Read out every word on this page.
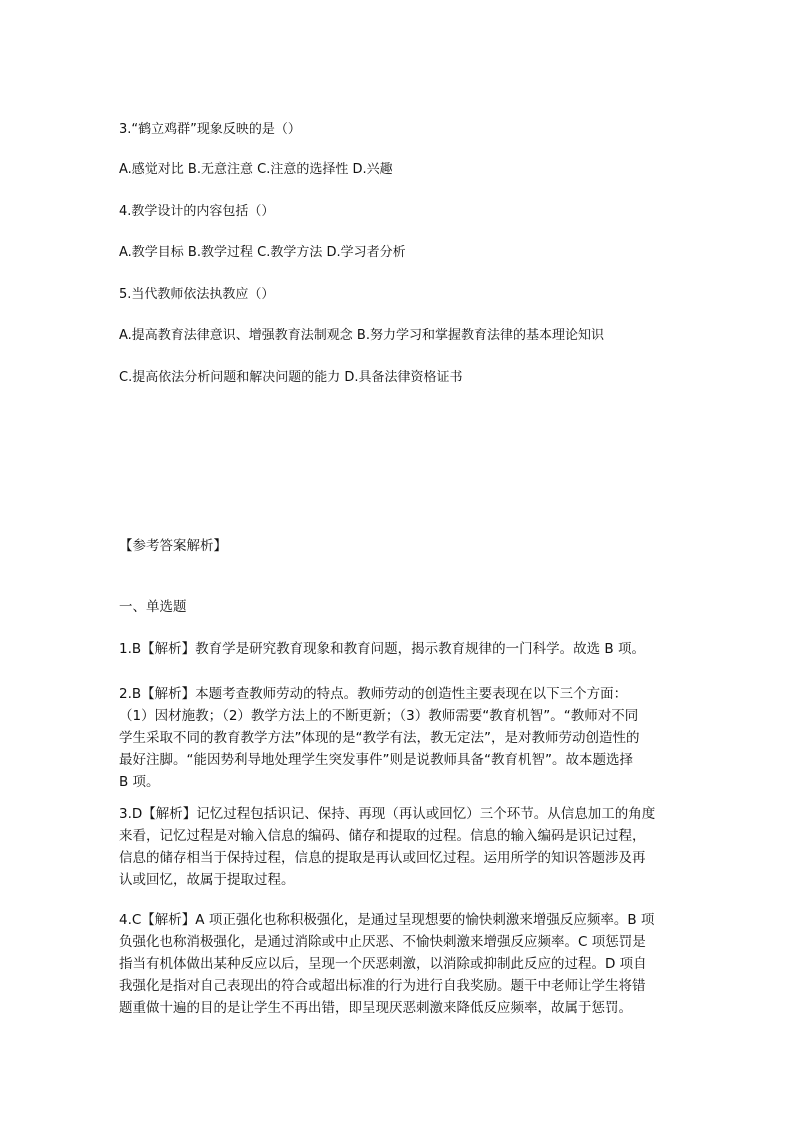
3.“鹤立鸡群”现象反映的是（）
A.感觉对比 B.无意注意 C.注意的选择性 D.兴趣
4.教学设计的内容包括（）
A.教学目标 B.教学过程 C.教学方法 D.学习者分析
5.当代教师依法执教应（）
A.提高教育法律意识、增强教育法制观念 B.努力学习和掌握教育法律的基本理论知识
C.提高依法分析问题和解决问题的能力 D.具备法律资格证书
【参考答案解析】
一、单选题

1.B【解析】教育学是研究教育现象和教育问题，揭示教育规律的一门科学。故选 B 项。

2.B【解析】本题考查教师劳动的特点。教师劳动的创造性主要表现在以下三个方面：

（1）因材施教；（2）教学方法上的不断更新；（3）教师需要“教育机智”。“教师对不同

学生采取不同的教育教学方法”体现的是“教学有法，教无定法”，是对教师劳动创造性的

最好注脚。“能因势利导地处理学生突发事件”则是说教师具备“教育机智”。故本题选择

B 项。

3.D【解析】记忆过程包括识记、保持、再现（再认或回忆）三个环节。从信息加工的角度

来看，记忆过程是对输入信息的编码、储存和提取的过程。信息的输入编码是识记过程，

信息的储存相当于保持过程，信息的提取是再认或回忆过程。运用所学的知识答题涉及再

认或回忆，故属于提取过程。

4.C【解析】A 项正强化也称积极强化，是通过呈现想要的愉快刺激来增强反应频率。B 项

负强化也称消极强化，是通过消除或中止厌恶、不愉快刺激来增强反应频率。C 项惩罚是

指当有机体做出某种反应以后，呈现一个厌恶刺激，以消除或抑制此反应的过程。D 项自

我强化是指对自己表现出的符合或超出标准的行为进行自我奖励。题干中老师让学生将错

题重做十遍的目的是让学生不再出错，即呈现厌恶刺激来降低反应频率，故属于惩罚。
